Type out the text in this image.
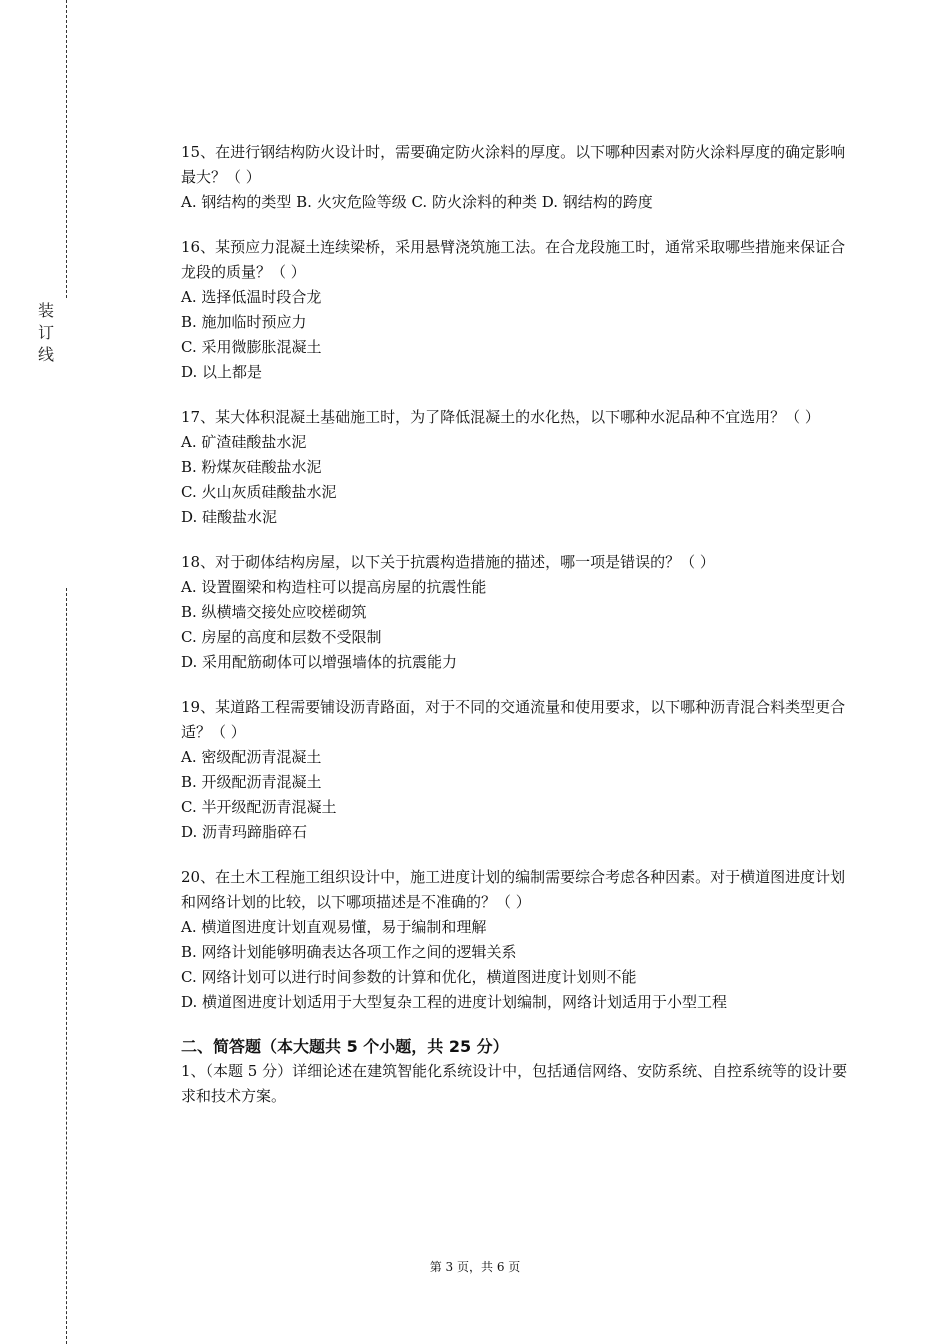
装订线
15、在进行钢结构防火设计时，需要确定防火涂料的厚度。以下哪种因素对防火涂料厚度的确定影响最大？（ ）
A. 钢结构的类型 B. 火灾危险等级 C. 防火涂料的种类 D. 钢结构的跨度
16、某预应力混凝土连续梁桥，采用悬臂浇筑施工法。在合龙段施工时，通常采取哪些措施来保证合龙段的质量？（ ）
A. 选择低温时段合龙
B. 施加临时预应力
C. 采用微膨胀混凝土
D. 以上都是
17、某大体积混凝土基础施工时，为了降低混凝土的水化热，以下哪种水泥品种不宜选用？（ ）
A. 矿渣硅酸盐水泥
B. 粉煤灰硅酸盐水泥
C. 火山灰质硅酸盐水泥
D. 硅酸盐水泥
18、对于砌体结构房屋，以下关于抗震构造措施的描述，哪一项是错误的？（ ）
A. 设置圈梁和构造柱可以提高房屋的抗震性能
B. 纵横墙交接处应咬槎砌筑
C. 房屋的高度和层数不受限制
D. 采用配筋砌体可以增强墙体的抗震能力
19、某道路工程需要铺设沥青路面，对于不同的交通流量和使用要求，以下哪种沥青混合料类型更合适？（ ）
A. 密级配沥青混凝土
B. 开级配沥青混凝土
C. 半开级配沥青混凝土
D. 沥青玛蹄脂碎石
20、在土木工程施工组织设计中，施工进度计划的编制需要综合考虑各种因素。对于横道图进度计划和网络计划的比较，以下哪项描述是不准确的？（ ）
A. 横道图进度计划直观易懂，易于编制和理解
B. 网络计划能够明确表达各项工作之间的逻辑关系
C. 网络计划可以进行时间参数的计算和优化，横道图进度计划则不能
D. 横道图进度计划适用于大型复杂工程的进度计划编制，网络计划适用于小型工程
二、简答题（本大题共 5 个小题，共 25 分）
1、（本题 5 分）详细论述在建筑智能化系统设计中，包括通信网络、安防系统、自控系统等的设计要求和技术方案。
第 3 页，共 6 页
